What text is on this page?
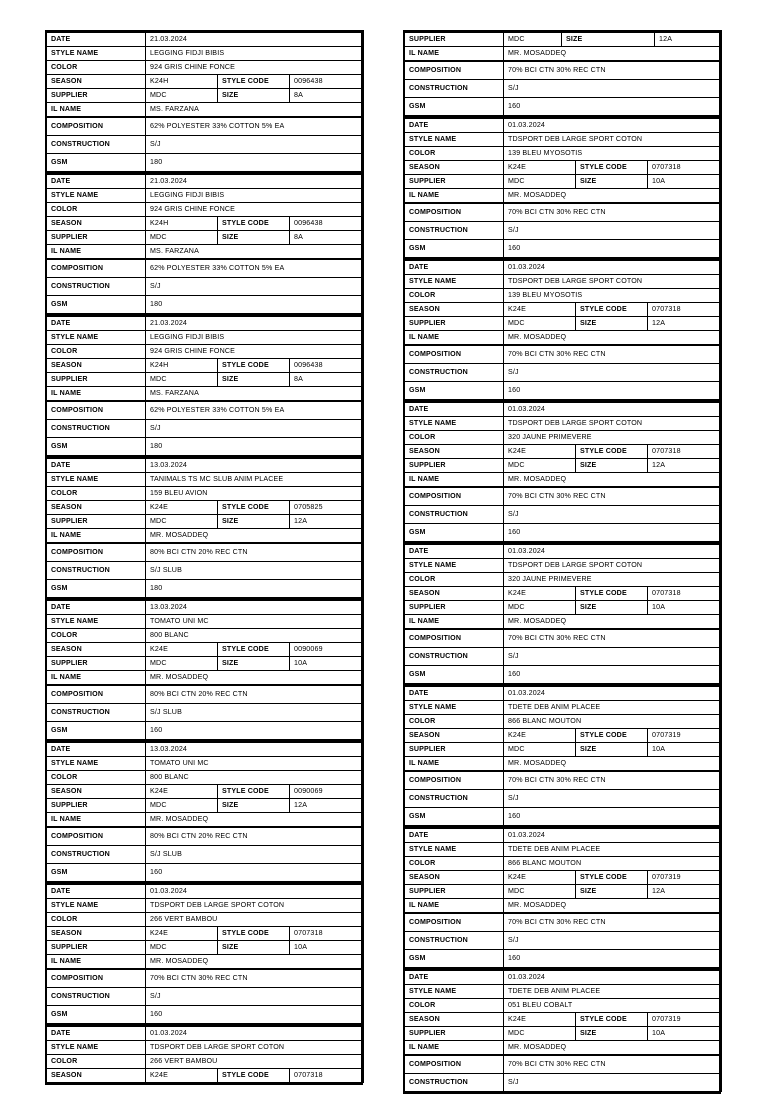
DATE	21.03.2024		
STYLE NAME	LEGGING FIDJI BIBIS		
COLOR	924 GRIS CHINE FONCE		
SEASON	K24H	STYLE CODE	0096438
SUPPLIER	MDC	SIZE	8A
IL NAME	MS. FARZANA		
COMPOSITION	62% POLYESTER 33% COTTON 5% EA		
CONSTRUCTION	S/J		
GSM	180		
DATE	21.03.2024		
STYLE NAME	LEGGING FIDJI BIBIS		
COLOR	924 GRIS CHINE FONCE		
SEASON	K24H	STYLE CODE	0096438
SUPPLIER	MDC	SIZE	8A
IL NAME	MS. FARZANA		
COMPOSITION	62% POLYESTER 33% COTTON 5% EA		
CONSTRUCTION	S/J		
GSM	180		
DATE	21.03.2024		
STYLE NAME	LEGGING FIDJI BIBIS		
COLOR	924 GRIS CHINE FONCE		
SEASON	K24H	STYLE CODE	0096438
SUPPLIER	MDC	SIZE	8A
IL NAME	MS. FARZANA		
COMPOSITION	62% POLYESTER 33% COTTON 5% EA		
CONSTRUCTION	S/J		
GSM	180		
DATE	13.03.2024		
STYLE NAME	TANIMALS TS MC SLUB ANIM PLACEE		
COLOR	159 BLEU AVION		
SEASON	K24E	STYLE CODE	0705825
SUPPLIER	MDC	SIZE	12A
IL NAME	MR. MOSADDEQ		
COMPOSITION	80% BCI CTN 20% REC CTN		
CONSTRUCTION	S/J SLUB		
GSM	180		
DATE	13.03.2024		
STYLE NAME	TOMATO UNI MC		
COLOR	800 BLANC		
SEASON	K24E	STYLE CODE	0090069
SUPPLIER	MDC	SIZE	10A
IL NAME	MR. MOSADDEQ		
COMPOSITION	80% BCI CTN 20% REC CTN		
CONSTRUCTION	S/J SLUB		
GSM	160		
DATE	13.03.2024		
STYLE NAME	TOMATO UNI MC		
COLOR	800 BLANC		
SEASON	K24E	STYLE CODE	0090069
SUPPLIER	MDC	SIZE	12A
IL NAME	MR. MOSADDEQ		
COMPOSITION	80% BCI CTN 20% REC CTN		
CONSTRUCTION	S/J SLUB		
GSM	160		
DATE	01.03.2024		
STYLE NAME	TDSPORT DEB LARGE SPORT COTON		
COLOR	266 VERT BAMBOU		
SEASON	K24E	STYLE CODE	0707318
SUPPLIER	MDC	SIZE	10A
IL NAME	MR. MOSADDEQ		
COMPOSITION	70% BCI CTN 30% REC CTN		
CONSTRUCTION	S/J		
GSM	160		
DATE	01.03.2024		
STYLE NAME	TDSPORT DEB LARGE SPORT COTON		
COLOR	266 VERT BAMBOU		
SEASON	K24E	STYLE CODE	0707318
SUPPLIER	MDC	SIZE	12A
IL NAME	MR. MOSADDEQ		
COMPOSITION	70% BCI CTN 30% REC CTN		
CONSTRUCTION	S/J		
GSM	160		
DATE	01.03.2024		
STYLE NAME	TDSPORT DEB LARGE SPORT COTON		
COLOR	139 BLEU MYOSOTIS		
SEASON	K24E	STYLE CODE	0707318
SUPPLIER	MDC	SIZE	10A
IL NAME	MR. MOSADDEQ		
COMPOSITION	70% BCI CTN 30% REC CTN		
CONSTRUCTION	S/J		
GSM	160		
DATE	01.03.2024		
STYLE NAME	TDSPORT DEB LARGE SPORT COTON		
COLOR	139 BLEU MYOSOTIS		
SEASON	K24E	STYLE CODE	0707318
SUPPLIER	MDC	SIZE	12A
IL NAME	MR. MOSADDEQ		
COMPOSITION	70% BCI CTN 30% REC CTN		
CONSTRUCTION	S/J		
GSM	160		
DATE	01.03.2024		
STYLE NAME	TDSPORT DEB LARGE SPORT COTON		
COLOR	320 JAUNE PRIMEVERE		
SEASON	K24E	STYLE CODE	0707318
SUPPLIER	MDC	SIZE	12A
IL NAME	MR. MOSADDEQ		
COMPOSITION	70% BCI CTN 30% REC CTN		
CONSTRUCTION	S/J		
GSM	160		
DATE	01.03.2024		
STYLE NAME	TDSPORT DEB LARGE SPORT COTON		
COLOR	320 JAUNE PRIMEVERE		
SEASON	K24E	STYLE CODE	0707318
SUPPLIER	MDC	SIZE	10A
IL NAME	MR. MOSADDEQ		
COMPOSITION	70% BCI CTN 30% REC CTN		
CONSTRUCTION	S/J		
GSM	160		
DATE	01.03.2024		
STYLE NAME	TDETE DEB ANIM PLACEE		
COLOR	866 BLANC MOUTON		
SEASON	K24E	STYLE CODE	0707319
SUPPLIER	MDC	SIZE	10A
IL NAME	MR. MOSADDEQ		
COMPOSITION	70% BCI CTN 30% REC CTN		
CONSTRUCTION	S/J		
GSM	160		
DATE	01.03.2024		
STYLE NAME	TDETE DEB ANIM PLACEE		
COLOR	866 BLANC MOUTON		
SEASON	K24E	STYLE CODE	0707319
SUPPLIER	MDC	SIZE	12A
IL NAME	MR. MOSADDEQ		
COMPOSITION	70% BCI CTN 30% REC CTN		
CONSTRUCTION	S/J		
GSM	160		
DATE	01.03.2024		
STYLE NAME	TDETE DEB ANIM PLACEE		
COLOR	051 BLEU COBALT		
SEASON	K24E	STYLE CODE	0707319
SUPPLIER	MDC	SIZE	10A
IL NAME	MR. MOSADDEQ		
COMPOSITION	70% BCI CTN 30% REC CTN		
CONSTRUCTION	S/J		
